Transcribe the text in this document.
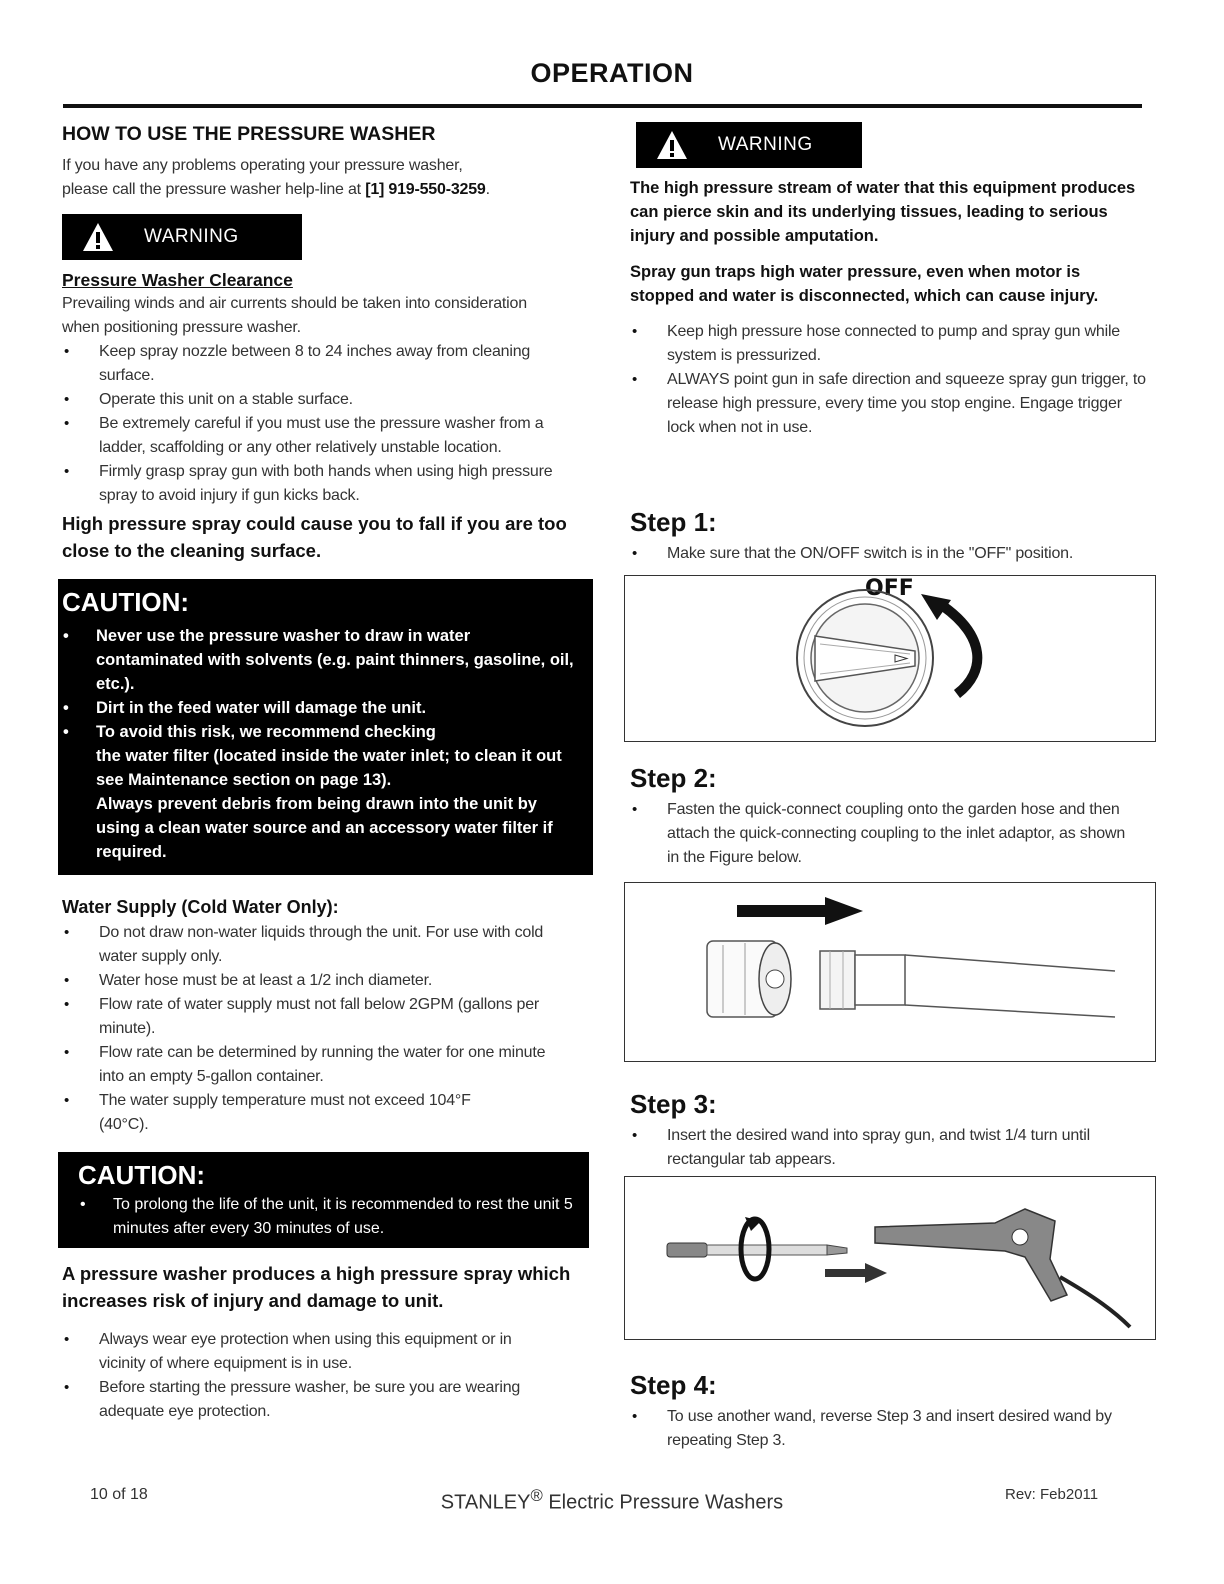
OPERATION
HOW TO USE THE PRESSURE WASHER

If you have any problems operating your pressure washer,
please call the pressure washer help-line at [1] 919-550-3259.

WARNING
Pressure Washer Clearance

Prevailing winds and air currents should be taken into consideration when positioning pressure washer.

• Keep spray nozzle between 8 to 24 inches away from cleaning surface.
• Operate this unit on a stable surface.
• Be extremely careful if you must use the pressure washer from a ladder, scaffolding or any other relatively unstable location.
• Firmly grasp spray gun with both hands when using high pressure spray to avoid injury if gun kicks back.

High pressure spray could cause you to fall if you are too close to the cleaning surface.

CAUTION:
• Never use the pressure washer to draw in water contaminated with solvents (e.g. paint thinners, gasoline, oil, etc.).
• Dirt in the feed water will damage the unit.
• To avoid this risk, we recommend checking
the water filter (located inside the water inlet; to clean it out see Maintenance section on page 13).
Always prevent debris from being drawn into the unit by using a clean water source and an accessory water filter if required.
Water Supply (Cold Water Only):
• Do not draw non-water liquids through the unit. For use with cold water supply only.
• Water hose must be at least a 1/2 inch diameter.
• Flow rate of water supply must not fall below 2GPM (gallons per minute).
• Flow rate can be determined by running the water for one minute into an empty 5-gallon container.
• The water supply temperature must not exceed 104°F

(40°C).

CAUTION:
• To prolong the life of the unit, it is recommended to rest the unit 5 minutes after every 30 minutes of use.

A pressure washer produces a high pressure spray which increases risk of injury and damage to unit.

• Always wear eye protection when using this equipment or in vicinity of where equipment is in use.
• Before starting the pressure washer, be sure you are wearing adequate eye protection.
WARNING

The high pressure stream of water that this equipment produces can pierce skin and its underlying tissues, leading to serious injury and possible amputation.

Spray gun traps high water pressure, even when motor is stopped and water is disconnected, which can cause injury.

• Keep high pressure hose connected to pump and spray gun while system is pressurized.
• ALWAYS point gun in safe direction and squeeze spray gun trigger, to release high pressure, every time you stop engine. Engage trigger lock when not in use.
Step 1:
• Make sure that the ON/OFF switch is in the "OFF" position.
OFF
Step 2:
• Fasten the quick-connect coupling onto the garden hose and then attach the quick-connecting coupling to the inlet adaptor, as shown in the Figure below.
Step 3:
• Insert the desired wand into spray gun, and twist 1/4 turn until rectangular tab appears.
Step 4:
• To use another wand, reverse Step 3 and insert desired wand by repeating Step 3.
10 of 18	STANLEY® Electric Pressure Washers	Rev: Feb2011
